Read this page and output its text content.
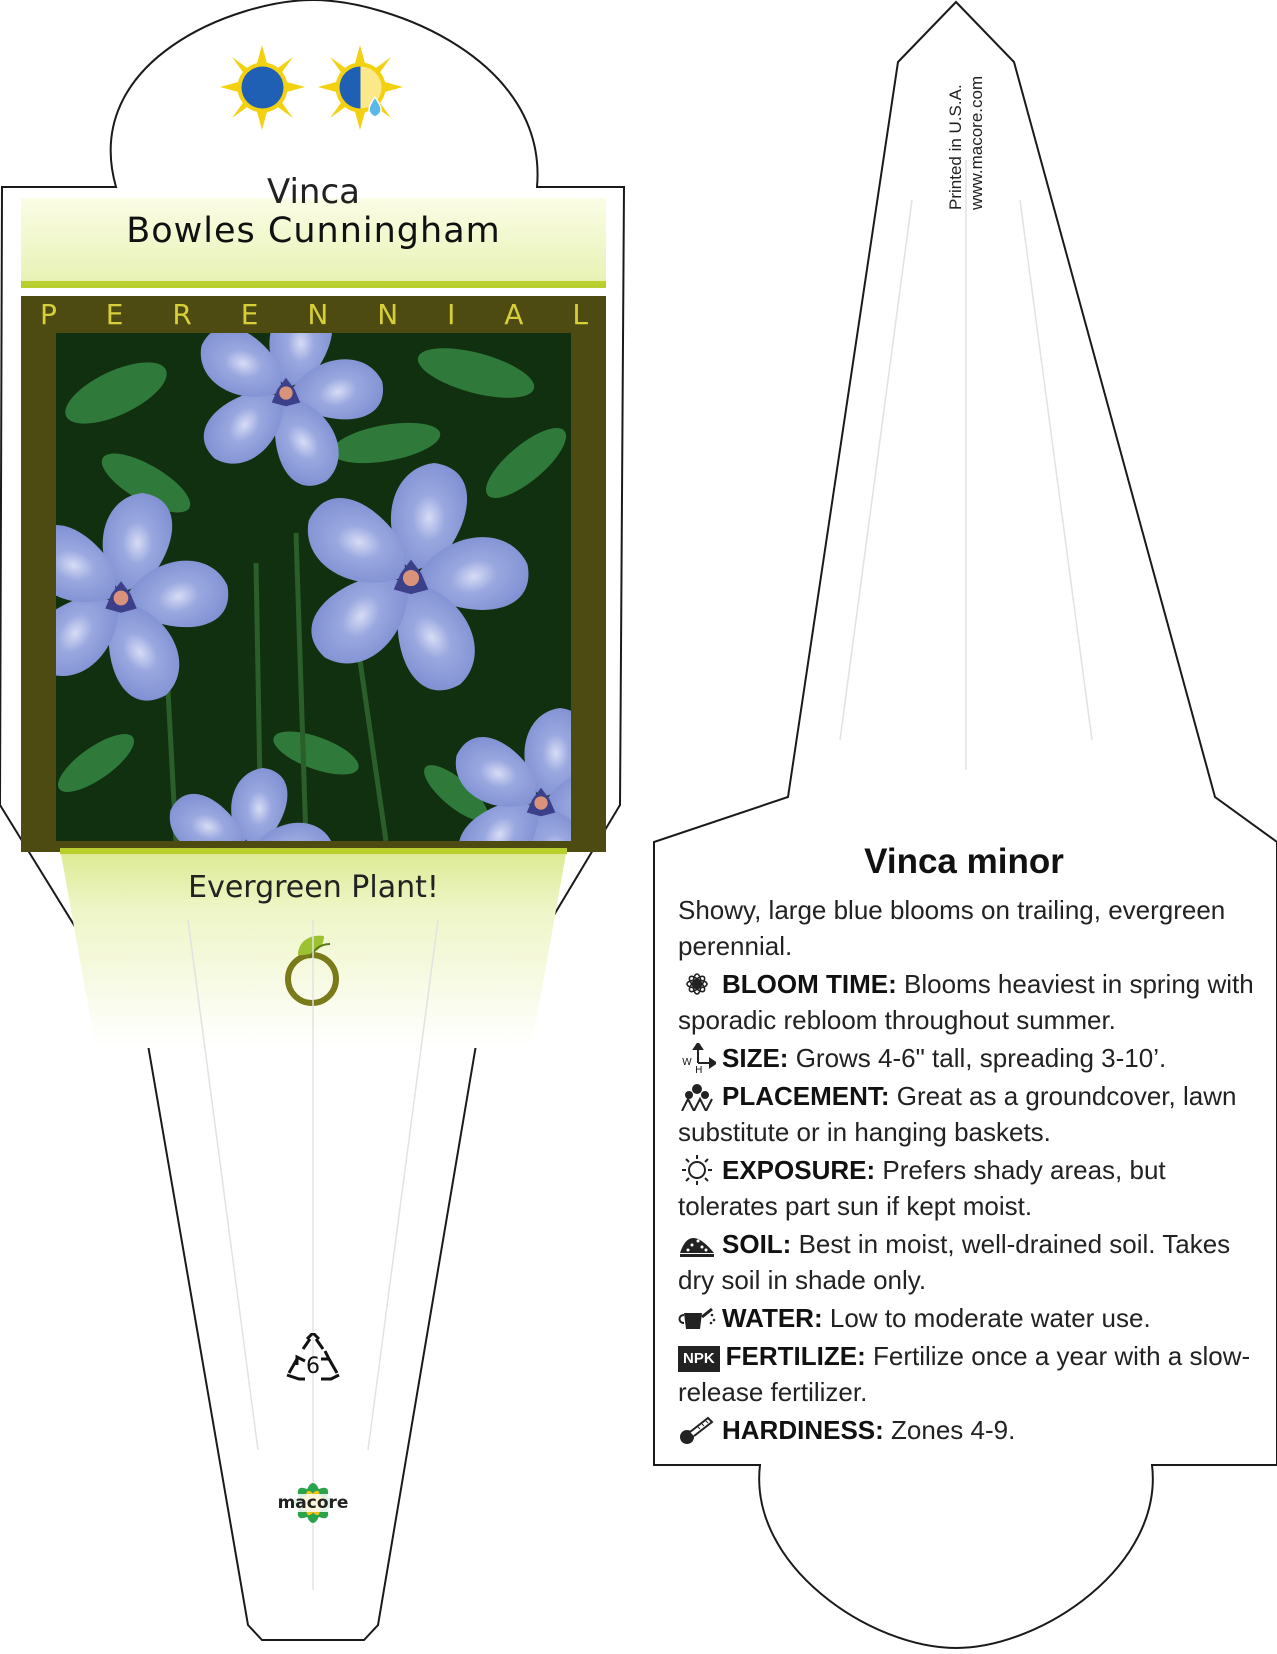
Vinca
Bowles Cunningham
P E R E N N I A L
Evergreen Plant!
6
macore
Printed in U.S.A. www.macore.com
Vinca minor

Showy, large blue blooms on trailing, evergreen perennial.

BLOOM TIME: Blooms heaviest in spring with sporadic rebloom throughout summer.

W
H SIZE: Grows 4-6" tall, spreading 3-10’.

PLACEMENT: Great as a groundcover, lawn substitute or in hanging baskets.

EXPOSURE: Prefers shady areas, but tolerates part sun if kept moist.

SOIL: Best in moist, well-drained soil. Takes dry soil in shade only.

WATER: Low to moderate water use.

NPK FERTILIZE: Fertilize once a year with a slow-release fertilizer.

HARDINESS: Zones 4-9.
